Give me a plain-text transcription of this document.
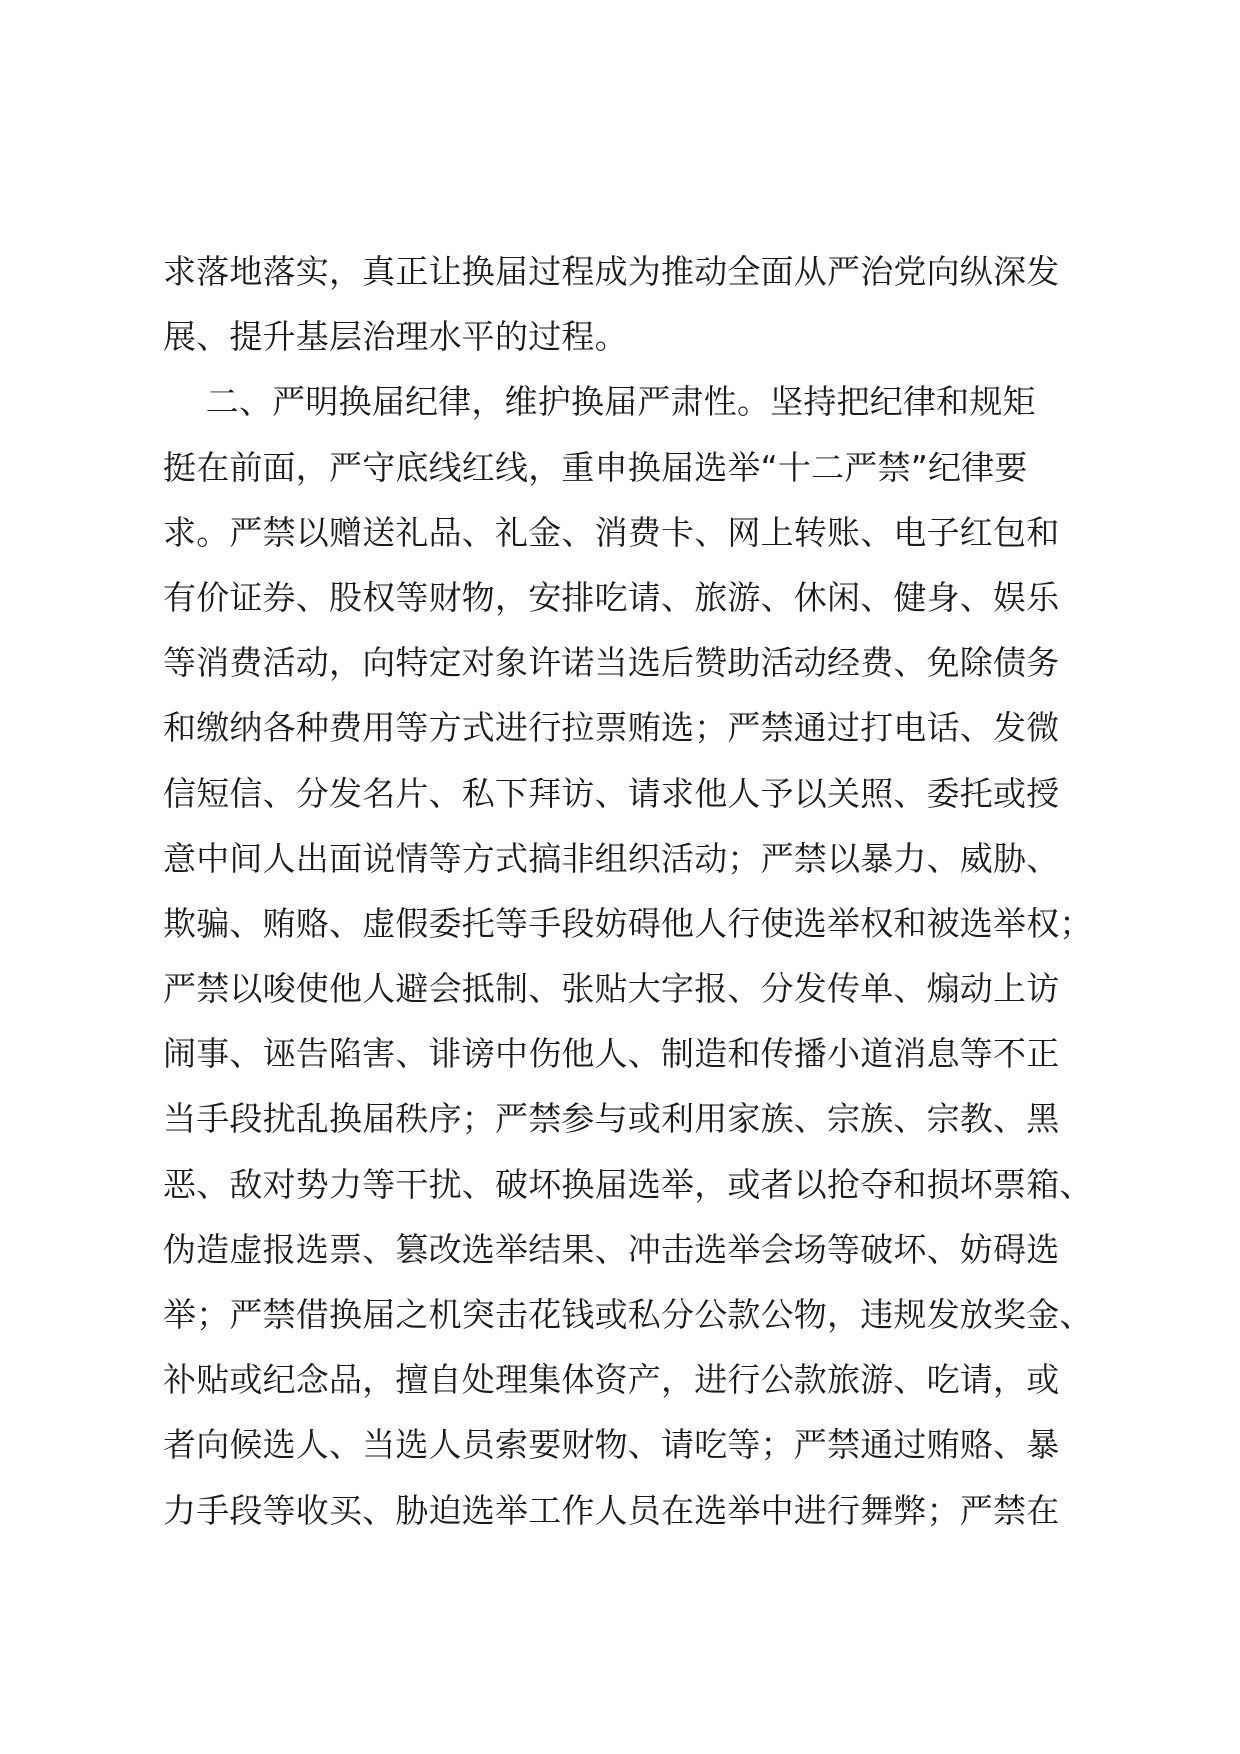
求落地落实，真正让换届过程成为推动全面从严治党向纵深发
展、提升基层治理水平的过程。
二、严明换届纪律，维护换届严肃性。坚持把纪律和规矩
挺在前面，严守底线红线，重申换届选举“十二严禁”纪律要
求。严禁以赠送礼品、礼金、消费卡、网上转账、电子红包和
有价证券、股权等财物，安排吃请、旅游、休闲、健身、娱乐
等消费活动，向特定对象许诺当选后赞助活动经费、免除债务
和缴纳各种费用等方式进行拉票贿选；严禁通过打电话、发微
信短信、分发名片、私下拜访、请求他人予以关照、委托或授
意中间人出面说情等方式搞非组织活动；严禁以暴力、威胁、
欺骗、贿赂、虚假委托等手段妨碍他人行使选举权和被选举权；
严禁以唆使他人避会抵制、张贴大字报、分发传单、煽动上访
闹事、诬告陷害、诽谤中伤他人、制造和传播小道消息等不正
当手段扰乱换届秩序；严禁参与或利用家族、宗族、宗教、黑
恶、敌对势力等干扰、破坏换届选举，或者以抢夺和损坏票箱、
伪造虚报选票、篡改选举结果、冲击选举会场等破坏、妨碍选
举；严禁借换届之机突击花钱或私分公款公物，违规发放奖金、
补贴或纪念品，擅自处理集体资产，进行公款旅游、吃请，或
者向候选人、当选人员索要财物、请吃等；严禁通过贿赂、暴
力手段等收买、胁迫选举工作人员在选举中进行舞弊；严禁在
